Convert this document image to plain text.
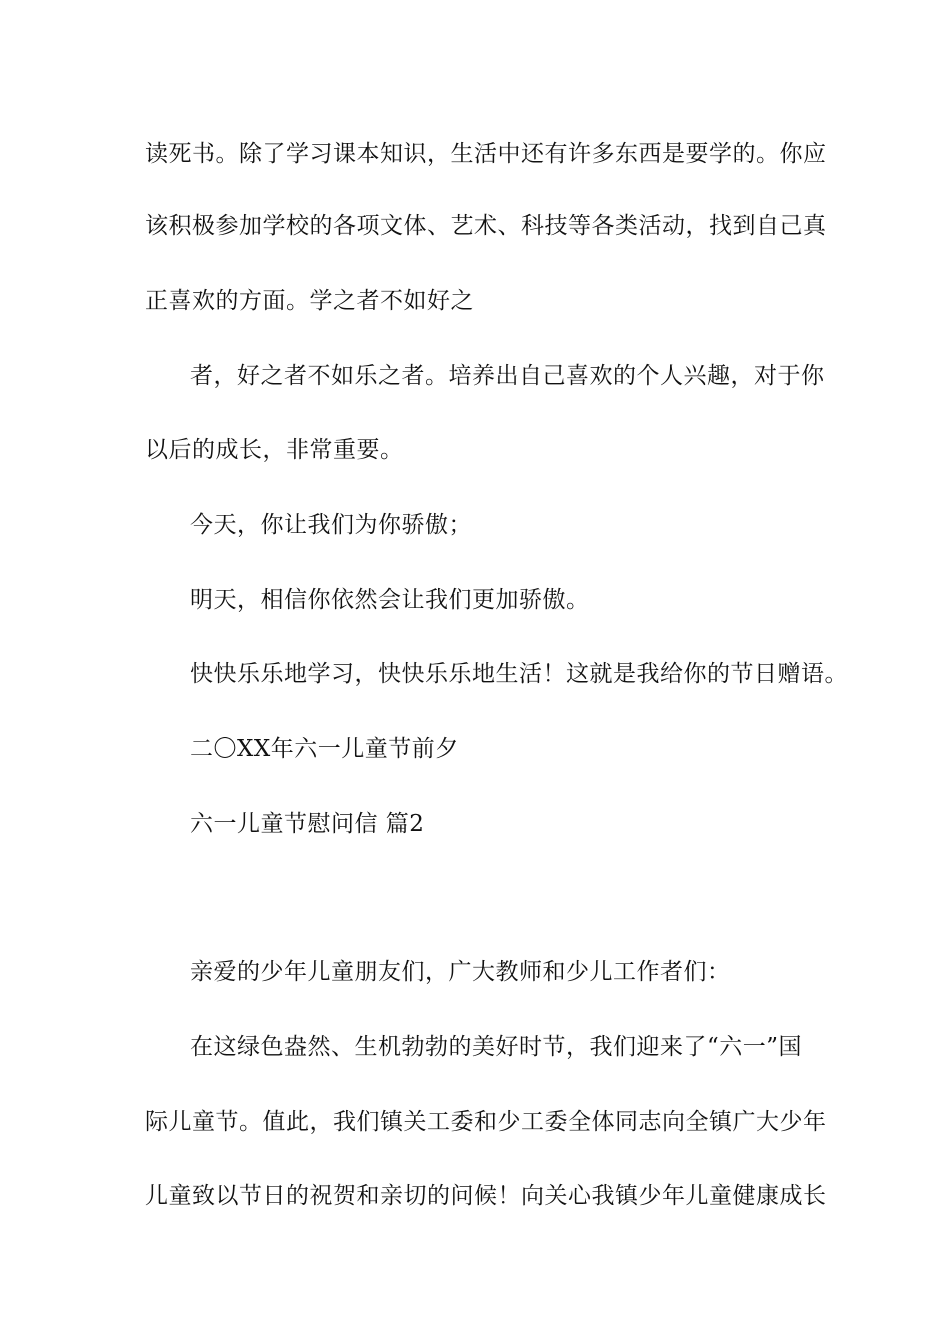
读死书。除了学习课本知识，生活中还有许多东西是要学的。你应
该积极参加学校的各项文体、艺术、科技等各类活动，找到自己真
正喜欢的方面。学之者不如好之
者，好之者不如乐之者。培养出自己喜欢的个人兴趣，对于你
以后的成长，非常重要。
今天，你让我们为你骄傲；
明天，相信你依然会让我们更加骄傲。
快快乐乐地学习，快快乐乐地生活！这就是我给你的节日赠语。
二〇XX年六一儿童节前夕
六一儿童节慰问信 篇2
亲爱的少年儿童朋友们，广大教师和少儿工作者们：
在这绿色盎然、生机勃勃的美好时节，我们迎来了“六一”国
际儿童节。值此，我们镇关工委和少工委全体同志向全镇广大少年
儿童致以节日的祝贺和亲切的问候！向关心我镇少年儿童健康成长
